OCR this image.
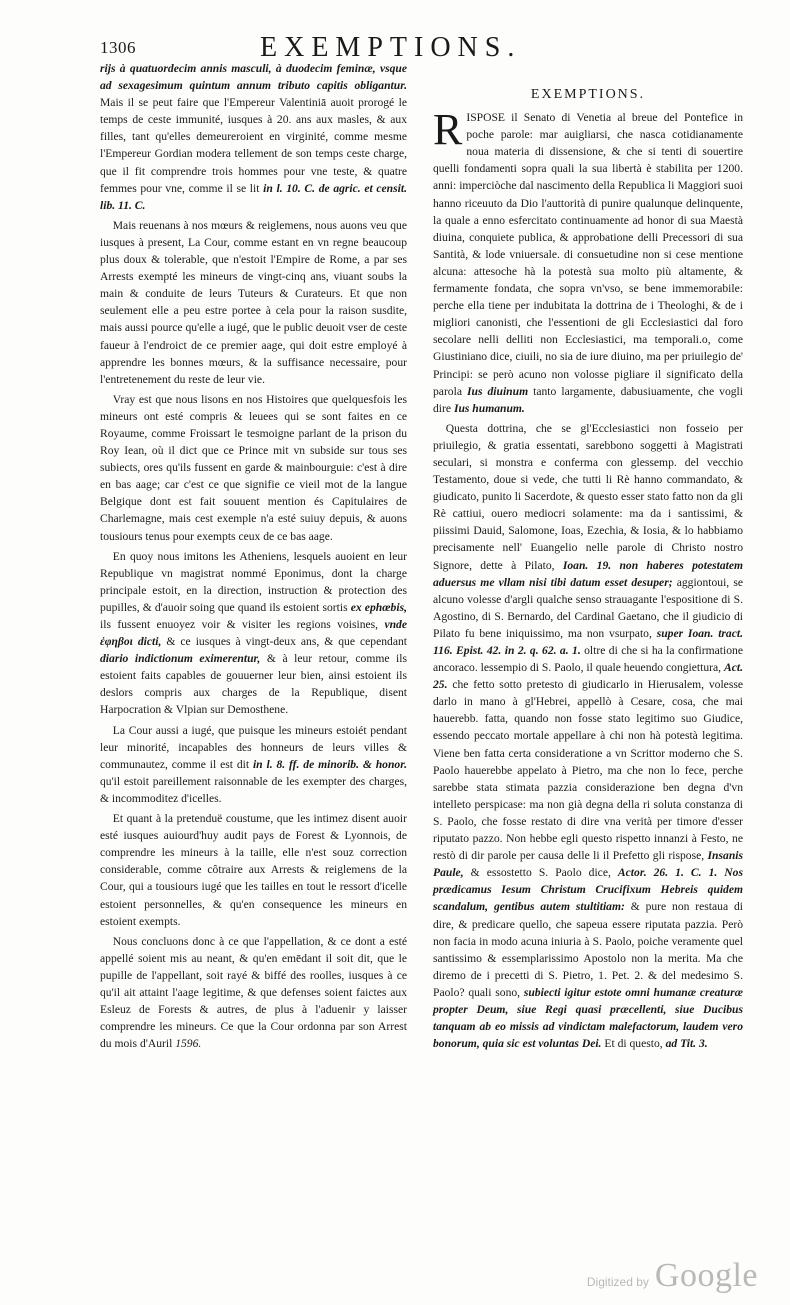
1306	EXEMPTIONS.

rijs à quatuordecim annis masculi, à duodecim feminæ, vsque ad sexagesimum quintum annum tributo capitis obligantur. Mais il se peut faire que l'Empereur Valentiniā auoit prorogé le temps de ceste immunité, iusques à 20. ans aux masles, & aux filles, tant qu'elles demeureroient en virginité, comme mesme l'Empereur Gordian modera tellement de son temps ceste charge, que il fit comprendre trois hommes pour vne teste, & quatre femmes pour vne, comme il se lit in l. 10. C. de agric. et censit. lib. 11. C.

Mais reuenans à nos mœurs & reiglemens, nous auons veu que iusques à present, La Cour, comme estant en vn regne beaucoup plus doux & tolerable, que n'estoit l'Empire de Rome, a par ses Arrests exempté les mineurs de vingt-cinq ans, viuant soubs la main & conduite de leurs Tuteurs & Curateurs. Et que non seulement elle a peu estre portee à cela pour la raison susdite, mais aussi pource qu'elle a iugé, que le public deuoit vser de ceste faueur à l'endroict de ce premier aage, qui doit estre employé à apprendre les bonnes mœurs, & la suffisance necessaire, pour l'entretenement du reste de leur vie.

Vray est que nous lisons en nos Histoires que quelquesfois les mineurs ont esté compris & leuees qui se sont faites en ce Royaume, comme Froissart le tesmoigne parlant de la prison du Roy Iean, où il dict que ce Prince mit vn subside sur tous ses subiects, ores qu'ils fussent en garde & mainbourguie: c'est à dire en bas aage; car c'est ce que signifie ce vieil mot de la langue Belgique dont est fait souuent mention és Capitulaires de Charlemagne, mais cest exemple n'a esté suiuy depuis, & auons tousiours tenus pour exempts ceux de ce bas aage.

En quoy nous imitons les Atheniens, lesquels auoient en leur Republique vn magistrat nommé Eponimus, dont la charge principale estoit, en la direction, instruction & protection des pupilles, & d'auoir soing que quand ils estoient sortis ex ephœbis, ils fussent enuoyez voir & visiter les regions voisines, vnde ἐφηβοι dicti, & ce iusques à vingt-deux ans, & que cependant diario indictionum eximerentur, & à leur retour, comme ils estoient faits capables de gouuerner leur bien, ainsi estoient ils deslors compris aux charges de la Republique, disent Harpocration & Vlpian sur Demosthene.

La Cour aussi a iugé, que puisque les mineurs estoiét pendant leur minorité, incapables des honneurs de leurs villes & communautez, comme il est dit in l. 8. ff. de minorib. & honor. qu'il estoit pareillement raisonnable de les exempter des charges, & incommoditez d'icelles.

Et quant à la pretenduë coustume, que les intimez disent auoir esté iusques auiourd'huy audit pays de Forest & Lyonnois, de comprendre les mineurs à la taille, elle n'est souz correction considerable, comme côtraire aux Arrests & reiglemens de la Cour, qui a tousiours iugé que les tailles en tout le ressort d'icelle estoient personnelles, & qu'en consequence les mineurs en estoient exempts.

Nous concluons donc à ce que l'appellation, & ce dont a esté appellé soient mis au neant, & qu'en emēdant il soit dit, que le pupille de l'appellant, soit rayé & biffé des roolles, iusques à ce qu'il ait attaint l'aage legitime, & que defenses soient faictes aux Esleuz de Forests & autres, de plus à l'aduenir y laisser comprendre les mineurs. Ce que la Cour ordonna par son Arrest du mois d'Auril 1596.

EXEMPTIONS.

RISPOSE il Senato di Venetia al breue del Pontefice in poche parole: mar auigliarsi, che nasca cotidianamente noua materia di dissensione, & che si tenti di souertire quelli fondamenti sopra quali la sua libertà è stabilita per 1200. anni: imperciòche dal nascimento della Republica li Maggiori suoi hanno riceuuto da Dio l'auttorità di punire qualunque delinquente, la quale a enno esfercitato continuamente ad honor di sua Maestà diuina, conquiete publica, & approbatione delli Precessori di sua Santità, & lode vniuersale. di consuetudine non si cese mentione alcuna: attesoche hà la potestà sua molto più altamente, & fermamente fondata, che sopra vn'vso, se bene immemorabile: perche ella tiene per indubitata la dottrina de i Theologhi, & de i migliori canonisti, che l'essentioni de gli Ecclesiastici dal foro secolare nelli delliti non Ecclesiastici, ma temporali.o, come Giustiniano dice, ciuili, no sia de iure diuino, ma per priuilegio de' Principi: se però acuno non volosse pigliare il significato della parola Ius diuinum tanto largamente, dabusiuamente, che vogli dire Ius humanum.

Questa dottrina, che se gl'Ecclesiastici non fosseio per priuilegio, & gratia essentati, sarebbono soggetti à Magistrati seculari, si monstra e conferma con glessemp. del vecchio Testamento, doue si vede, che tutti li Rè hanno commandato, & giudicato, punito li Sacerdote, & questo esser stato fatto non da gli Rè cattiui, ouero mediocri solamente: ma da i santissimi, & piissimi Dauid, Salomone, Ioas, Ezechia, & Iosia, & lo habbiamo precisamente nell' Euangelio nelle parole di Christo nostro Signore, dette à Pilato, Ioan. 19. non haberes potestatem aduersus me vllam nisi tibi datum esset desuper; aggiontoui, se alcuno volesse d'argli qualche senso strauagante l'espositione di S. Agostino, di S. Bernardo, del Cardinal Gaetano, che il giudicio di Pilato fu bene iniquissimo, ma non vsurpato, super Ioan. tract. 116. Epist. 42. in 2. q. 62. a. 1. oltre di che si ha la confirmatione ancoraco. lessempio di S. Paolo, il quale heuendo congiettura, Act. 25. che fetto sotto pretesto di giudicarlo in Hierusalem, volesse darlo in mano à gl'Hebrei, appellò à Cesare, cosa, che mai hauerebb. fatta, quando non fosse stato legitimo suo Giudice, essendo peccato mortale appellare à chi non hà potestà legitima. Viene ben fatta certa consideratione a vn Scrittor moderno che S. Paolo hauerebbe appelato à Pietro, ma che non lo fece, perche sarebbe stata stimata pazzia considerazione ben degna d'vn intelleto perspicase: ma non già degna della ri soluta constanza di S. Paolo, che fosse restato di dire vna verità per timore d'esser riputato pazzo. Non hebbe egli questo rispetto innanzi à Festo, ne restò di dir parole per causa delle li il Prefetto gli rispose, Insanis Paule, & essostetto S. Paolo dice, Actor. 26. 1. C. 1. Nos prædicamus Iesum Christum Crucifixum Hebreis quidem scandalum, gentibus autem stultitiam: & pure non restaua di dire, & predicare quello, che sapeua essere riputata pazzia. Però non facia in modo acuna iniuria à S. Paolo, poiche veramente quel santissimo & essemplarissimo Apostolo non la merita. Ma che diremo de i precetti di S. Pietro, 1. Pet. 2. & del medesimo S. Paolo? quali sono, subiecti igitur estote omni humanæ creaturæ propter Deum, siue Regi quasi præcellenti, siue Ducibus tanquam ab eo missis ad vindictam malefactorum, laudem vero bonorum, quia sic est voluntas Dei. Et di questo, ad Tit. 3.

Digitized by Google
